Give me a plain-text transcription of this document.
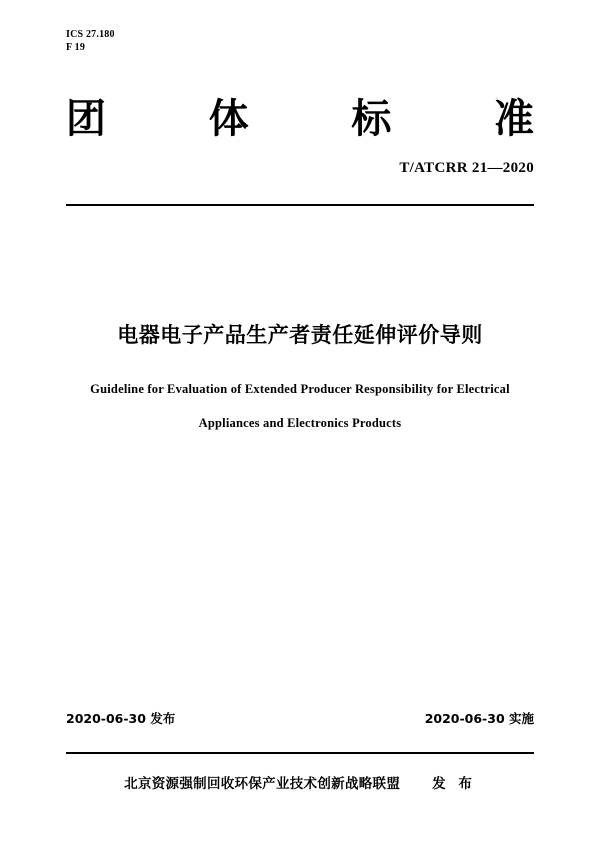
ICS 27.180
F 19
团	体	标	准
T/ATCRR 21—2020
电器电子产品生产者责任延伸评价导则
Guideline for Evaluation of Extended Producer Responsibility for Electrical
Appliances and Electronics Products
2020-06-30 发布	2020-06-30 实施
北京资源强制回收环保产业技术创新战略联盟 发 布
